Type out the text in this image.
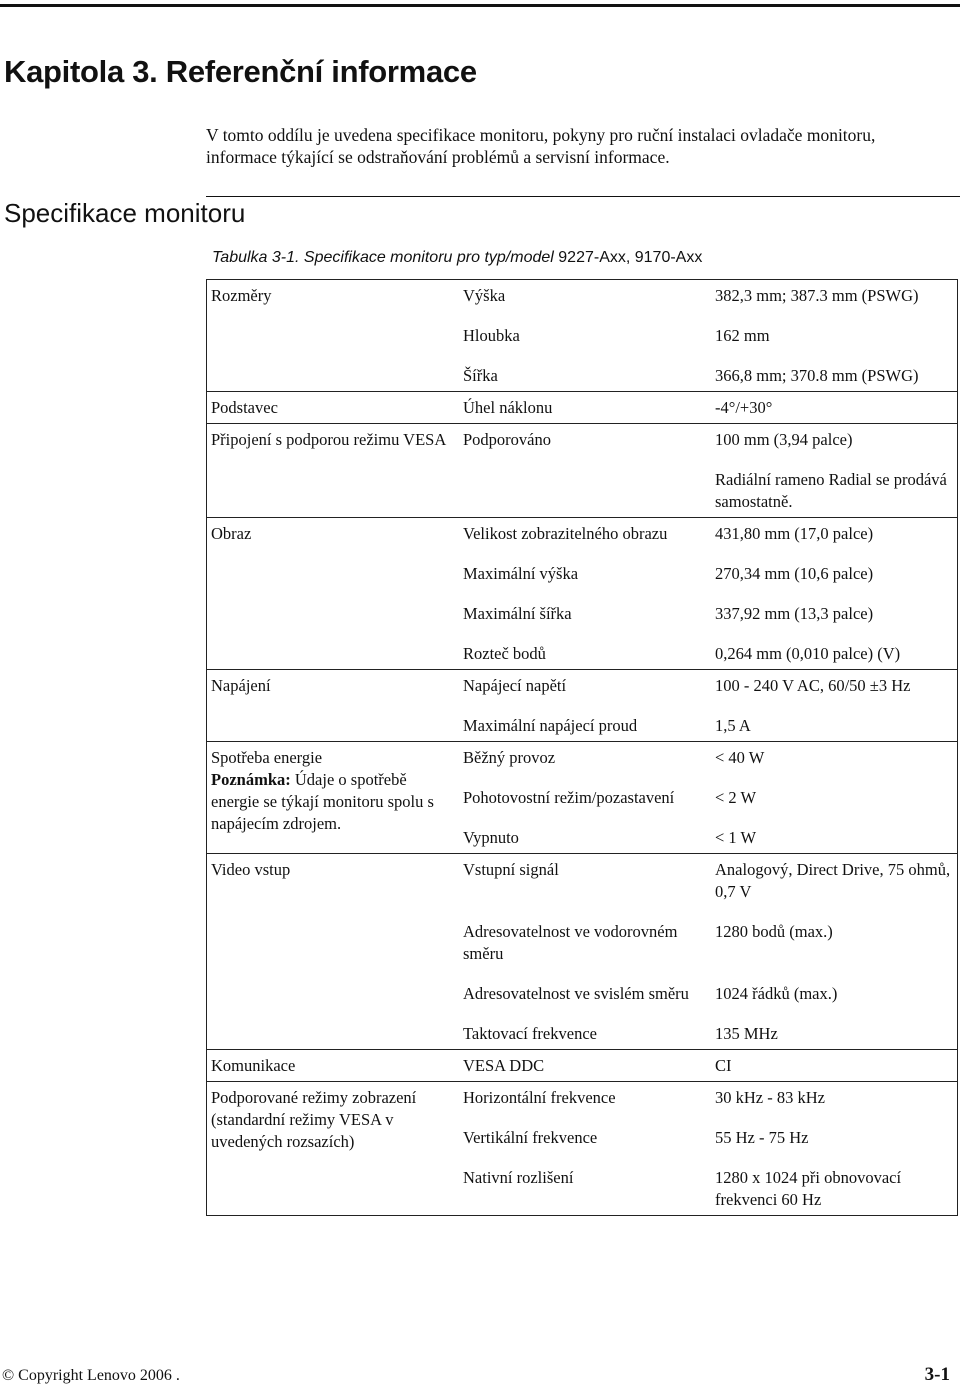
Kapitola 3. Referenční informace

V tomto oddílu je uvedena specifikace monitoru, pokyny pro ruční instalaci ovladače monitoru, informace týkající se odstraňování problémů a servisní informace.

Specifikace monitoru

Tabulka 3-1. Specifikace monitoru pro typ/model 9227-Axx, 9170-Axx

Rozměry	Výška	382,3 mm; 387.3 mm (PSWG)
	Hloubka	162 mm
	Šířka	366,8 mm; 370.8 mm (PSWG)
Podstavec	Úhel náklonu	-4°/+30°
Připojení s podporou režimu VESA	Podporováno	100 mm (3,94 palce)
		Radiální rameno Radial se prodává samostatně.
Obraz	Velikost zobrazitelného obrazu	431,80 mm (17,0 palce)
	Maximální výška	270,34 mm (10,6 palce)
	Maximální šířka	337,92 mm (13,3 palce)
	Rozteč bodů	0,264 mm (0,010 palce) (V)
Napájení	Napájecí napětí	100 - 240 V AC, 60/50 ±3 Hz
	Maximální napájecí proud	1,5 A

Spotřeba energie
Poznámka: Údaje o spotřebě energie se týkají monitoru spolu s napájecím zdrojem.	Běžný provoz	< 40 W
	Pohotovostní režim/pozastavení	< 2 W
	Vypnuto	< 1 W
Video vstup	Vstupní signál	Analogový, Direct Drive, 75 ohmů, 0,7 V
	Adresovatelnost ve vodorovném směru	1280 bodů (max.)
	Adresovatelnost ve svislém směru	1024 řádků (max.)
	Taktovací frekvence	135 MHz
Komunikace	VESA DDC	CI
Podporované režimy zobrazení (standardní režimy VESA v uvedených rozsazích)	Horizontální frekvence	30 kHz - 83 kHz
	Vertikální frekvence	55 Hz - 75 Hz
	Nativní rozlišení	1280 x 1024 při obnovovací frekvenci 60 Hz
© Copyright Lenovo 2006 .	3-1
